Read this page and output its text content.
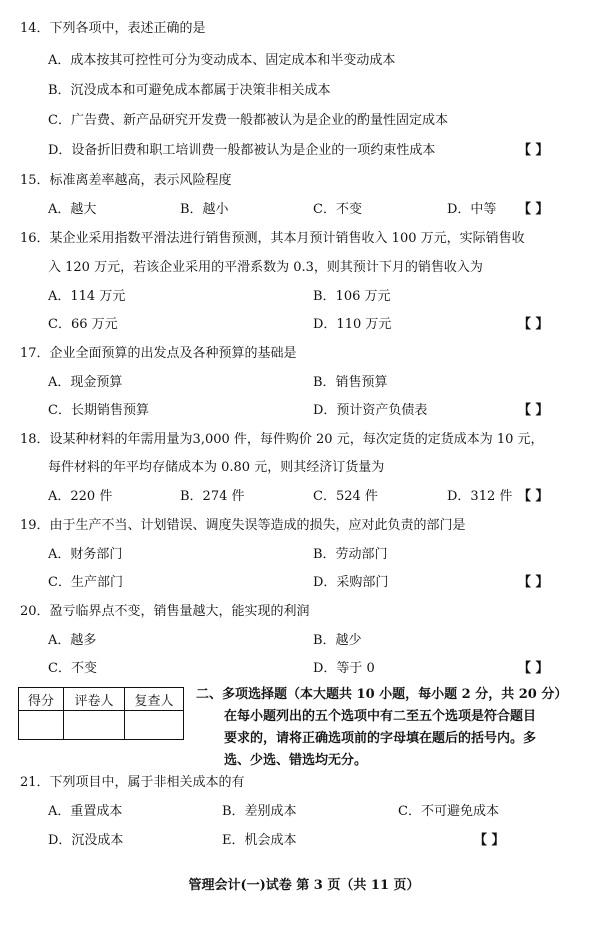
14．下列各项中，表述正确的是
A．成本按其可控性可分为变动成本、固定成本和半变动成本
B．沉没成本和可避免成本都属于决策非相关成本
C．广告费、新产品研究开发费一般都被认为是企业的酌量性固定成本
D．设备折旧费和职工培训费一般都被认为是企业的一项约束性成本	【 】
15．标准离差率越高，表示风险程度
A．越大	B．越小	C．不变	D．中等 【 】
16．某企业采用指数平滑法进行销售预测，其本月预计销售收入 100 万元，实际销售收
入 120 万元，若该企业采用的平滑系数为 0.3，则其预计下月的销售收入为
A．114 万元	B．106 万元
C．66 万元	D．110 万元	【 】
17．企业全面预算的出发点及各种预算的基础是
A．现金预算	B．销售预算
C．长期销售预算	D．预计资产负债表	【 】
18．设某种材料的年需用量为3,000 件，每件购价 20 元，每次定货的定货成本为 10 元，
每件材料的年平均存储成本为 0.80 元，则其经济订货量为
A．220 件	B．274 件	C．524 件	D．312 件 【 】
19．由于生产不当、计划错误、调度失误等造成的损失，应对此负责的部门是
A．财务部门	B．劳动部门
C．生产部门	D．采购部门	【 】
20．盈亏临界点不变，销售量越大，能实现的利润
A．越多	B．越少
C．不变	D．等于 0	【 】
得分	评卷人	复查人
		二、多项选择题（本大题共 10 小题，每小题 2 分，共 20 分）
在每小题列出的五个选项中有二至五个选项是符合题目
要求的，请将正确选项前的字母填在题后的括号内。多
选、少选、错选均无分。
21．下列项目中，属于非相关成本的有
A．重置成本	B．差别成本	C．不可避免成本
D．沉没成本	E．机会成本	【 】
管理会计(一)试卷 第 3 页（共 11 页）
